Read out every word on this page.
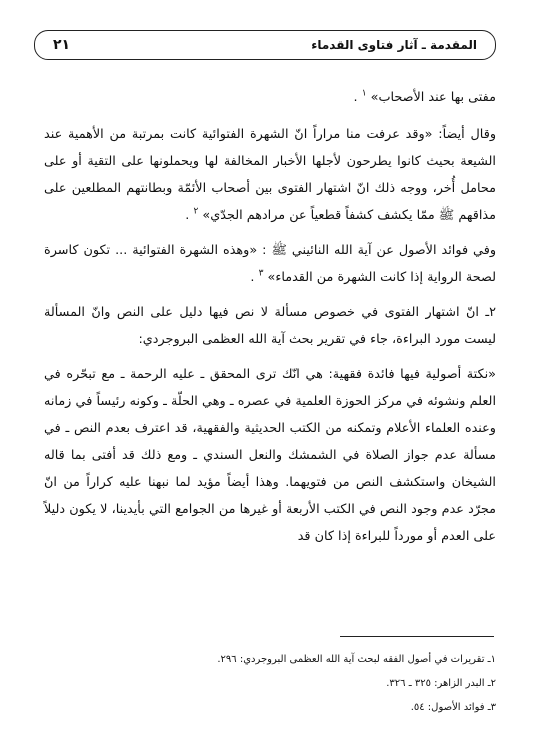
٢١	المقدمة ـ آثار فتاوى القدماء

مفتى بها عند الأصحاب» $^١$ .

وقال أيضاً: «وقد عرفت منا مراراً انّ الشهرة الفتوائية كانت بمرتبة من الأهمية عند الشيعة بحيث كانوا يطرحون لأجلها الأخبار المخالفة لها ويحملونها على التقية أو على محامل أُخر، ووجه ذلك انّ اشتهار الفتوى بين أصحاب الأئمّة وبطانتهم المطلعين على مذاقهم ﷺ ممّا يكشف كشفاً قطعياً عن مرادهم الجدّي» $^٢$ .

وفي فوائد الأصول عن آية الله النائيني ﷺ : «وهذه الشهرة الفتوائية ... تكون كاسرة لصحة الرواية إذا كانت الشهرة من القدماء» $^٣$ .

٢ـ انّ اشتهار الفتوى في خصوص مسألة لا نص فيها دليل على النص وانّ المسألة ليست مورد البراءة، جاء في تقرير بحث آية الله العظمى البروجردي:

«نكتة أصولية فيها فائدة فقهية: هي انّك ترى المحقق ـ عليه الرحمة ـ مع تبحّره في العلم ونشوئه في مركز الحوزة العلمية في عصره ـ وهي الحلّة ـ وكونه رئيساً في زمانه وعنده العلماء الأعلام وتمكنه من الكتب الحديثية والفقهية، قد اعترف بعدم النص ـ في مسألة عدم جواز الصلاة في الشمشك والنعل السندي ـ ومع ذلك قد أفتى بما قاله الشيخان واستكشف النص من فتويهما. وهذا أيضاً مؤيد لما نبهنا عليه كراراً من انّ مجرّد عدم وجود النص في الكتب الأربعة أو غيرها من الجوامع التي بأيدينا، لا يكون دليلاً على العدم أو مورداً للبراءة إذا كان قد

١ـ تقريرات في أصول الفقه لبحث آية الله العظمى البروجردي: ٢٩٦.
٢ـ البدر الزاهر: ٣٢٥ ـ ٣٢٦.
٣ـ فوائد الأصول: ٥٤.
